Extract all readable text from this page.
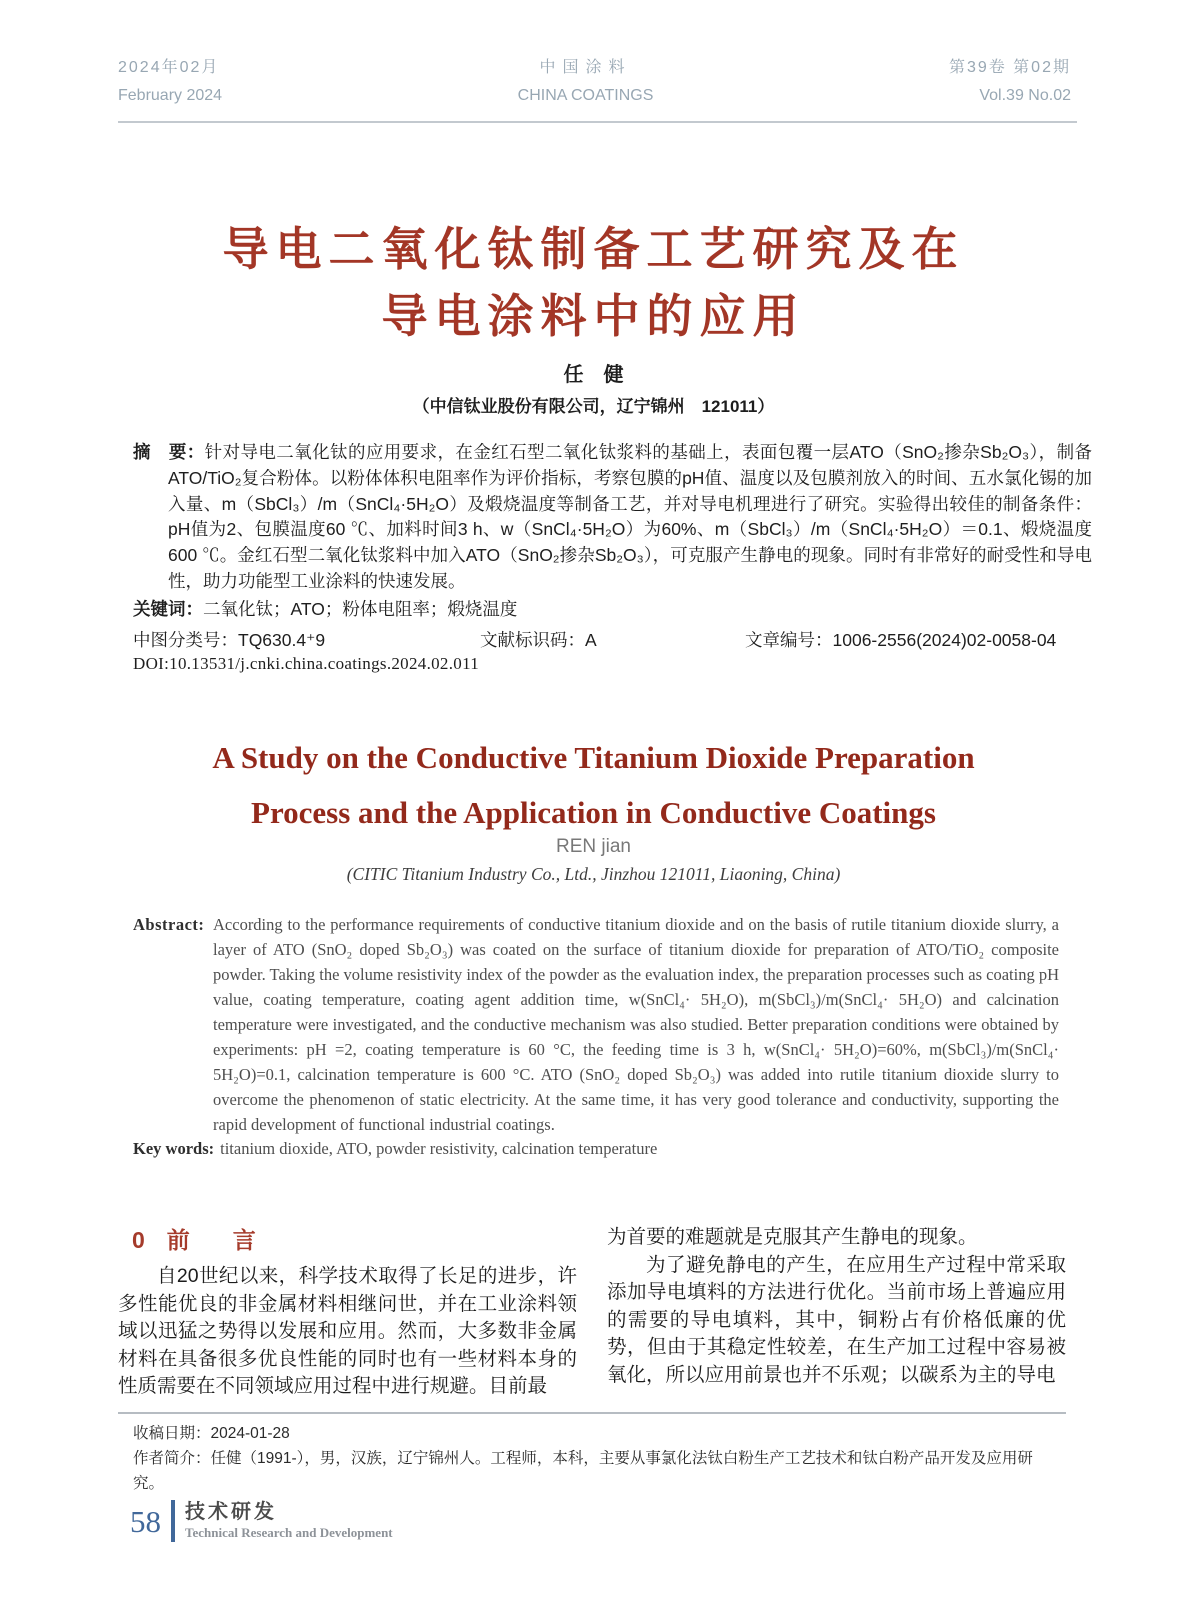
2024年02月
February 2024
中国涂料
CHINA COATINGS
第39卷 第02期
Vol.39 No.02
导电二氧化钛制备工艺研究及在
导电涂料中的应用
任　健
（中信钛业股份有限公司，辽宁锦州　121011）
摘　要：针对导电二氧化钛的应用要求，在金红石型二氧化钛浆料的基础上，表面包覆一层ATO（SnO₂掺杂Sb₂O₃），制备ATO/TiO₂复合粉体。以粉体体积电阻率作为评价指标，考察包膜的pH值、温度以及包膜剂放入的时间、五水氯化锡的加入量、m（SbCl₃）/m（SnCl₄·5H₂O）及煅烧温度等制备工艺，并对导电机理进行了研究。实验得出较佳的制备条件：pH值为2、包膜温度60 ℃、加料时间3 h、w（SnCl₄·5H₂O）为60%、m（SbCl₃）/m（SnCl₄·5H₂O）＝0.1、煅烧温度600 ℃。金红石型二氧化钛浆料中加入ATO（SnO₂掺杂Sb₂O₃），可克服产生静电的现象。同时有非常好的耐受性和导电性，助力功能型工业涂料的快速发展。
关键词：二氧化钛；ATO；粉体电阻率；煅烧温度
中图分类号：TQ630.4⁺9	文献标识码：A	文章编号：1006-2556(2024)02-0058-04
DOI:10.13531/j.cnki.china.coatings.2024.02.011
A Study on the Conductive Titanium Dioxide Preparation
Process and the Application in Conductive Coatings
REN jian
(CITIC Titanium Industry Co., Ltd., Jinzhou 121011, Liaoning, China)
Abstract: According to the performance requirements of conductive titanium dioxide and on the basis of rutile titanium dioxide slurry, a layer of ATO (SnO₂ doped Sb₂O₃) was coated on the surface of titanium dioxide for preparation of ATO/TiO₂ composite powder. Taking the volume resistivity index of the powder as the evaluation index, the preparation processes such as coating pH value, coating temperature, coating agent addition time, w(SnCl₄· 5H₂O), m(SbCl₃)/m(SnCl₄· 5H₂O) and calcination temperature were investigated, and the conductive mechanism was also studied. Better preparation conditions were obtained by experiments: pH =2, coating temperature is 60 °C, the feeding time is 3 h, w(SnCl₄· 5H₂O)=60%, m(SbCl₃)/m(SnCl₄· 5H₂O)=0.1, calcination temperature is 600 °C. ATO (SnO₂ doped Sb₂O₃) was added into rutile titanium dioxide slurry to overcome the phenomenon of static electricity. At the same time, it has very good tolerance and conductivity, supporting the rapid development of functional industrial coatings.
Key words: titanium dioxide, ATO, powder resistivity, calcination temperature
0 前　言

自20世纪以来，科学技术取得了长足的进步，许多性能优良的非金属材料相继问世，并在工业涂料领域以迅猛之势得以发展和应用。然而，大多数非金属材料在具备很多优良性能的同时也有一些材料本身的性质需要在不同领域应用过程中进行规避。目前最

为首要的难题就是克服其产生静电的现象。

为了避免静电的产生，在应用生产过程中常采取添加导电填料的方法进行优化。当前市场上普遍应用的需要的导电填料，其中，铜粉占有价格低廉的优势，但由于其稳定性较差，在生产加工过程中容易被氧化，所以应用前景也并不乐观；以碳系为主的导电

收稿日期：2024-01-28
作者简介：任健（1991-），男，汉族，辽宁锦州人。工程师，本科，主要从事氯化法钛白粉生产工艺技术和钛白粉产品开发及应用研究。
58 技术研发
Technical Research and Development
